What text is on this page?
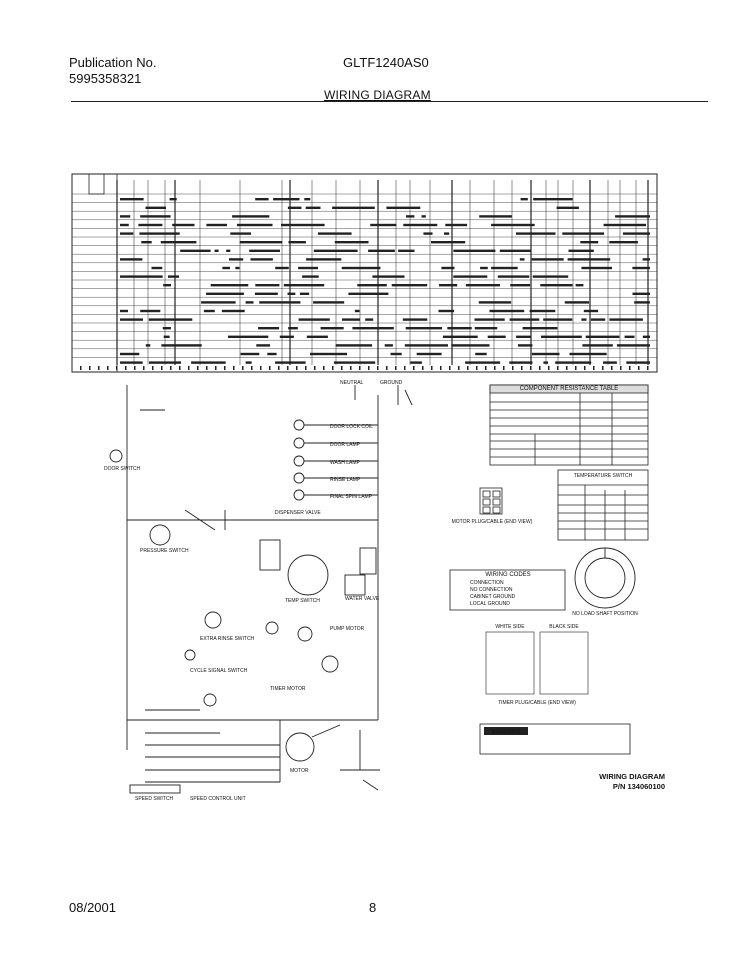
Publication No.
5995358321
GLTF1240AS0
WIRING DIAGRAM
COMPONENT RESISTANCE TABLE
TEMPERATURE SWITCH
WIRING CODES
CONNECTION
NO CONNECTION
CABINET GROUND
LOCAL GROUND
MOTOR PLUG/CABLE (END VIEW)
TIMER PLUG/CABLE (END VIEW)
WHITE SIDE	BLACK SIDE
WARNING
NO LOAD SHAFT POSITION
DOOR LOCK COIL
DOOR LAMP
WASH LAMP
RINSE LAMP
FINAL SPIN LAMP
DOOR SWITCH
PRESSURE SWITCH
TEMP SWITCH	WATER VALVE
PUMP MOTOR
CYCLE SIGNAL SWITCH
TIMER MOTOR
MOTOR
SPEED SWITCH	SPEED CONTROL UNIT
DISPENSER VALVE
EXTRA RINSE SWITCH
NEUTRAL	GROUND
WIRING DIAGRAM
P/N 134060100
08/2001	8
